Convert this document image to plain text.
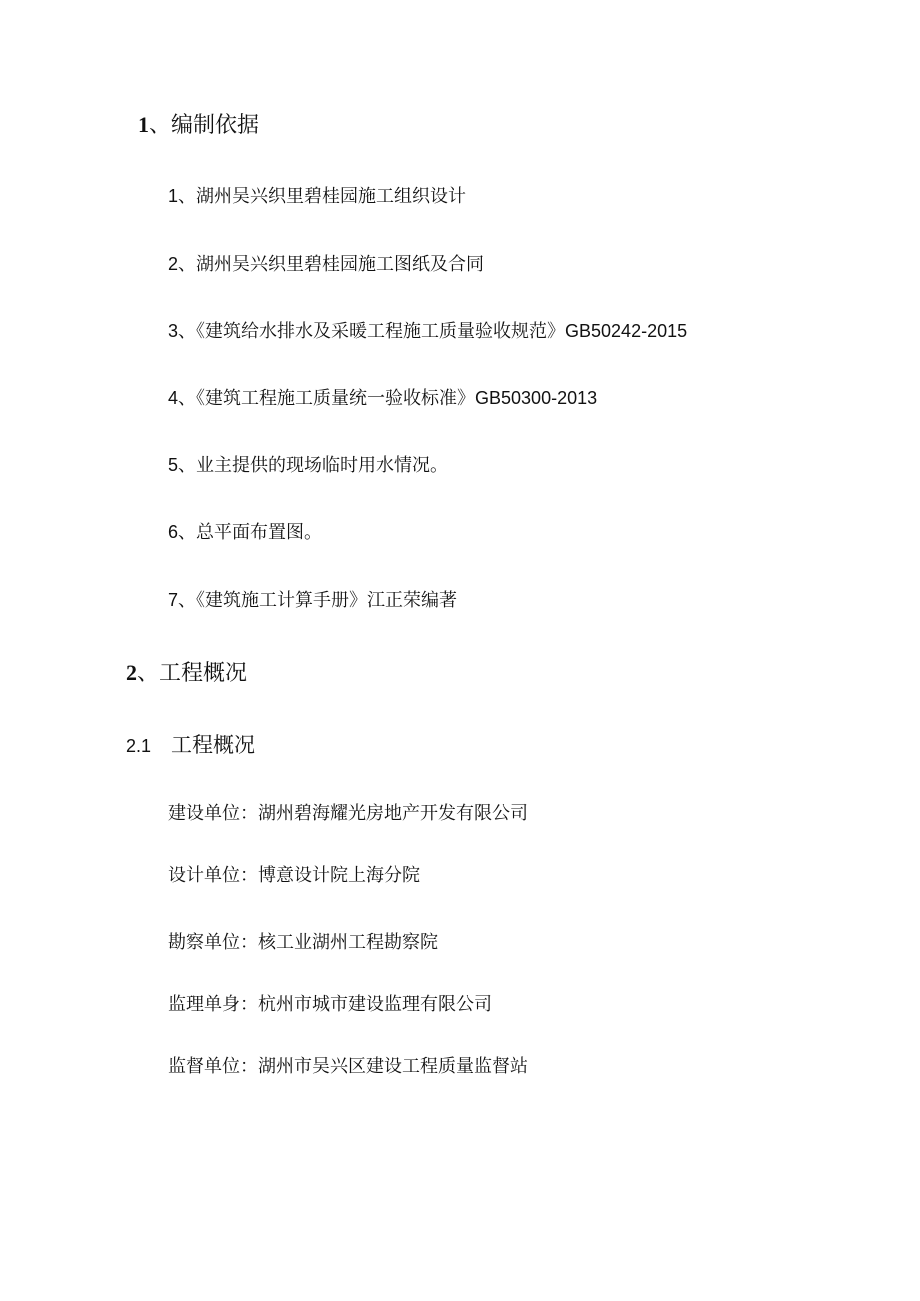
1、编制依据
1、湖州吴兴织里碧桂园施工组织设计
2、湖州吴兴织里碧桂园施工图纸及合同
3、《建筑给水排水及采暖工程施工质量验收规范》GB50242-2015
4、《建筑工程施工质量统一验收标准》GB50300-2013
5、业主提供的现场临时用水情况。
6、总平面布置图。
7、《建筑施工计算手册》江正荣编著
2、工程概况
2.1 工程概况
建设单位：湖州碧海耀光房地产开发有限公司
设计单位：博意设计院上海分院
勘察单位：核工业湖州工程勘察院
监理单身：杭州市城市建设监理有限公司
监督单位：湖州市吴兴区建设工程质量监督站
